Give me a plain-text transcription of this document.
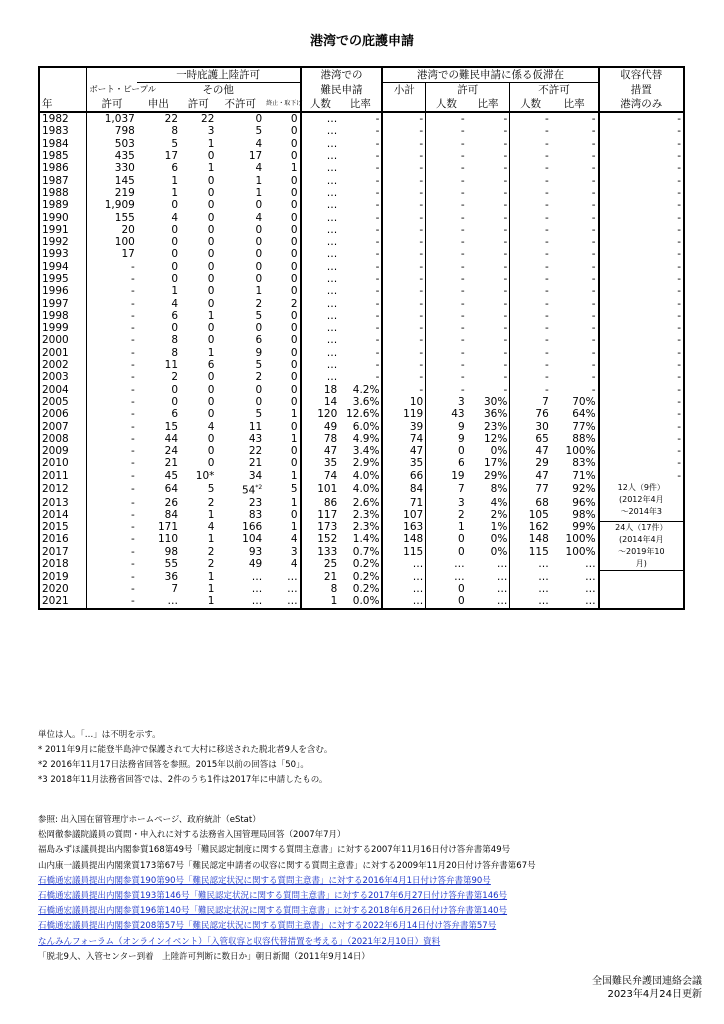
港湾での庇護申請
		一時庇護上陸許可				港湾での		港湾での難民申請に係る仮滞在					収容代替
	ボート・ピープル	その他				難民申請		小計	許可		不許可		措置
年	許可	申出	許可	不許可	終止・取下げ	人数	比率		人数	比率	人数	比率	港湾のみ
1982	1,037	22	22	0	0	…	-	-	-	-	-	-	-
1983	798	8	3	5	0	…	-	-	-	-	-	-	-
1984	503	5	1	4	0	…	-	-	-	-	-	-	-
1985	435	17	0	17	0	…	-	-	-	-	-	-	-
1986	330	6	1	4	1	…	-	-	-	-	-	-	-
1987	145	1	0	1	0	…	-	-	-	-	-	-	-
1988	219	1	0	1	0	…	-	-	-	-	-	-	-
1989	1,909	0	0	0	0	…	-	-	-	-	-	-	-
1990	155	4	0	4	0	…	-	-	-	-	-	-	-
1991	20	0	0	0	0	…	-	-	-	-	-	-	-
1992	100	0	0	0	0	…	-	-	-	-	-	-	-
1993	17	0	0	0	0	…	-	-	-	-	-	-	-
1994	-	0	0	0	0	…	-	-	-	-	-	-	-
1995	-	0	0	0	0	…	-	-	-	-	-	-	-
1996	-	1	0	1	0	…	-	-	-	-	-	-	-
1997	-	4	0	2	2	…	-	-	-	-	-	-	-
1998	-	6	1	5	0	…	-	-	-	-	-	-	-
1999	-	0	0	0	0	…	-	-	-	-	-	-	-
2000	-	8	0	6	0	…	-	-	-	-	-	-	-
2001	-	8	1	9	0	…	-	-	-	-	-	-	-
2002	-	11	6	5	0	…	-	-	-	-	-	-	-
2003	-	2	0	2	0	…	-	-	-	-	-	-	-
2004	-	0	0	0	0	18	4.2%	-	-	-	-	-	-
2005	-	0	0	0	0	14	3.6%	10	3	30%	7	70%	-
2006	-	6	0	5	1	120	12.6%	119	43	36%	76	64%	-
2007	-	15	4	11	0	49	6.0%	39	9	23%	30	77%	-
2008	-	44	0	43	1	78	4.9%	74	9	12%	65	88%	-
2009	-	24	0	22	0	47	3.4%	47	0	0%	47	100%	-
2010	-	21	0	21	0	35	2.9%	35	6	17%	29	83%	-
2011	-	45	10*	34	1	74	4.0%	66	19	29%	47	71%	-
2012	-	64	5	54$^{*2}$	5	101	4.0%	84	7	8%	77	92%	12人（9件）
(2012年4月
～2014年3

2013	-	26	2	23	1	86	2.6%	71	3	4%	68	96%	
2014	-	84	1	83	0	117	2.3%	107	2	2%	105	98%	
2015	-	171	4	166	1	173	2.3%	163	1	1%	162	99%	24人（17件）
(2014年4月
～2019年10
月)

2016	-	110	1	104	4	152	1.4%	148	0	0%	148	100%	
2017	-	98	2	93	3	133	0.7%	115	0	0%	115	100%	
2018	-	55	2	49	4	25	0.2%	…	…	…	…	…	
2019	-	36	1	…	…	21	0.2%	…	…	…	…	…	
2020	-	7	1	…	…	8	0.2%	…	0	…	…	…	
2021	-	…	1	…	…	1	0.0%	…	0	…	…	…	
単位は人。「…」は不明を示す。
* 2011年9月に能登半島沖で保護されて大村に移送された脱北者9人を含む。
*2 2016年11月17日法務省回答を参照。2015年以前の回答は「50」。
*3 2018年11月法務省回答では、2件のうち1件は2017年に申請したもの。
参照: 出入国在留管理庁ホームページ、政府統計（eStat）
松岡徹参議院議員の質問・申入れに対する法務省入国管理局回答（2007年7月）
福島みずほ議員提出内閣参質168第49号「難民認定制度に関する質問主意書」に対する2007年11月16日付け答弁書第49号
山内康一議員提出内閣衆質173第67号「難民認定申請者の収容に関する質問主意書」に対する2009年11月20日付け答弁書第67号
石橋通宏議員提出内閣参質190第90号「難民認定状況に関する質問主意書」に対する2016年4月1日付け答弁書第90号
石橋通宏議員提出内閣参質193第146号「難民認定状況に関する質問主意書」に対する2017年6月27日付け答弁書第146号
石橋通宏議員提出内閣参質196第140号「難民認定状況に関する質問主意書」に対する2018年6月26日付け答弁書第140号
石橋通宏議員提出内閣参質208第57号「難民認定状況に関する質問主意書」に対する2022年6月14日付け答弁書第57号
なんみんフォーラム（オンラインイベント）「入管収容と収容代替措置を考える」（2021年2月10日）資料
「脱北9人、入管センター到着　上陸許可判断に数日か」朝日新聞（2011年9月14日）
全国難民弁護団連絡会議
2023年4月24日更新
